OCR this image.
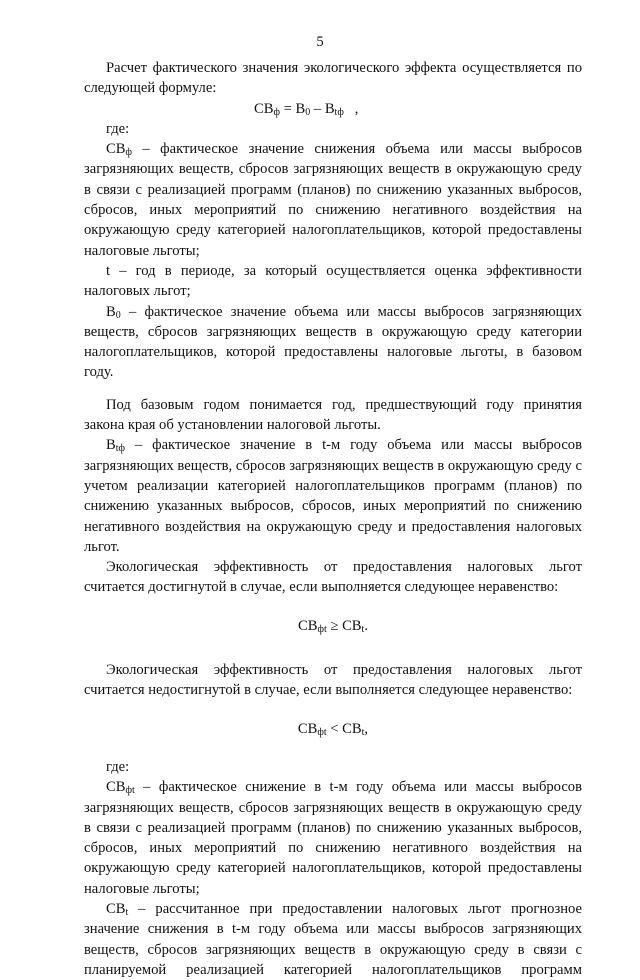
5

Расчет фактического значения экологического эффекта осуществляется по следующей формуле:

$СВ_ф = В_0 - В_{tф}$   ,

где:

$СВ_ф$ – фактическое значение снижения объема или массы выбросов загрязняющих веществ, сбросов загрязняющих веществ в окружающую среду в связи с реализацией программ (планов) по снижению указанных выбросов, сбросов, иных мероприятий по снижению негативного воздействия на окружающую среду категорией налогоплательщиков, которой предоставлены налоговые льготы;

t – год в периоде, за который осуществляется оценка эффективности налоговых льгот;

$В_0$ – фактическое значение объема или массы выбросов загрязняющих веществ, сбросов загрязняющих веществ в окружающую среду категории налогоплательщиков, которой предоставлены налоговые льготы, в базовом году.

Под базовым годом понимается год, предшествующий году принятия закона края об установлении налоговой льготы.

$В_{tф}$ – фактическое значение в t-м году объема или массы выбросов загрязняющих веществ, сбросов загрязняющих веществ в окружающую среду с учетом реализации категорией налогоплательщиков программ (планов) по снижению указанных выбросов, сбросов, иных мероприятий по снижению негативного воздействия на окружающую среду и предоставления налоговых льгот.

Экологическая эффективность от предоставления налоговых льгот считается достигнутой в случае, если выполняется следующее неравенство:

$СВ_{фt} \ge СВ_t$.

Экологическая эффективность от предоставления налоговых льгот считается недостигнутой в случае, если выполняется следующее неравенство:

$СВ_{фt} < СВ_t$,

где:

$СВ_{фt}$ – фактическое снижение в t-м году объема или массы выбросов загрязняющих веществ, сбросов загрязняющих веществ в окружающую среду в связи с реализацией программ (планов) по снижению указанных выбросов, сбросов, иных мероприятий по снижению негативного воздействия на окружающую среду категорией налогоплательщиков, которой предоставлены налоговые льготы;

$СВ_t$ – рассчитанное при предоставлении налоговых льгот прогнозное значение снижения в t-м году объема или массы выбросов загрязняющих веществ, сбросов загрязняющих веществ в окружающую среду в связи с планируемой реализацией категорией налогоплательщиков программ
